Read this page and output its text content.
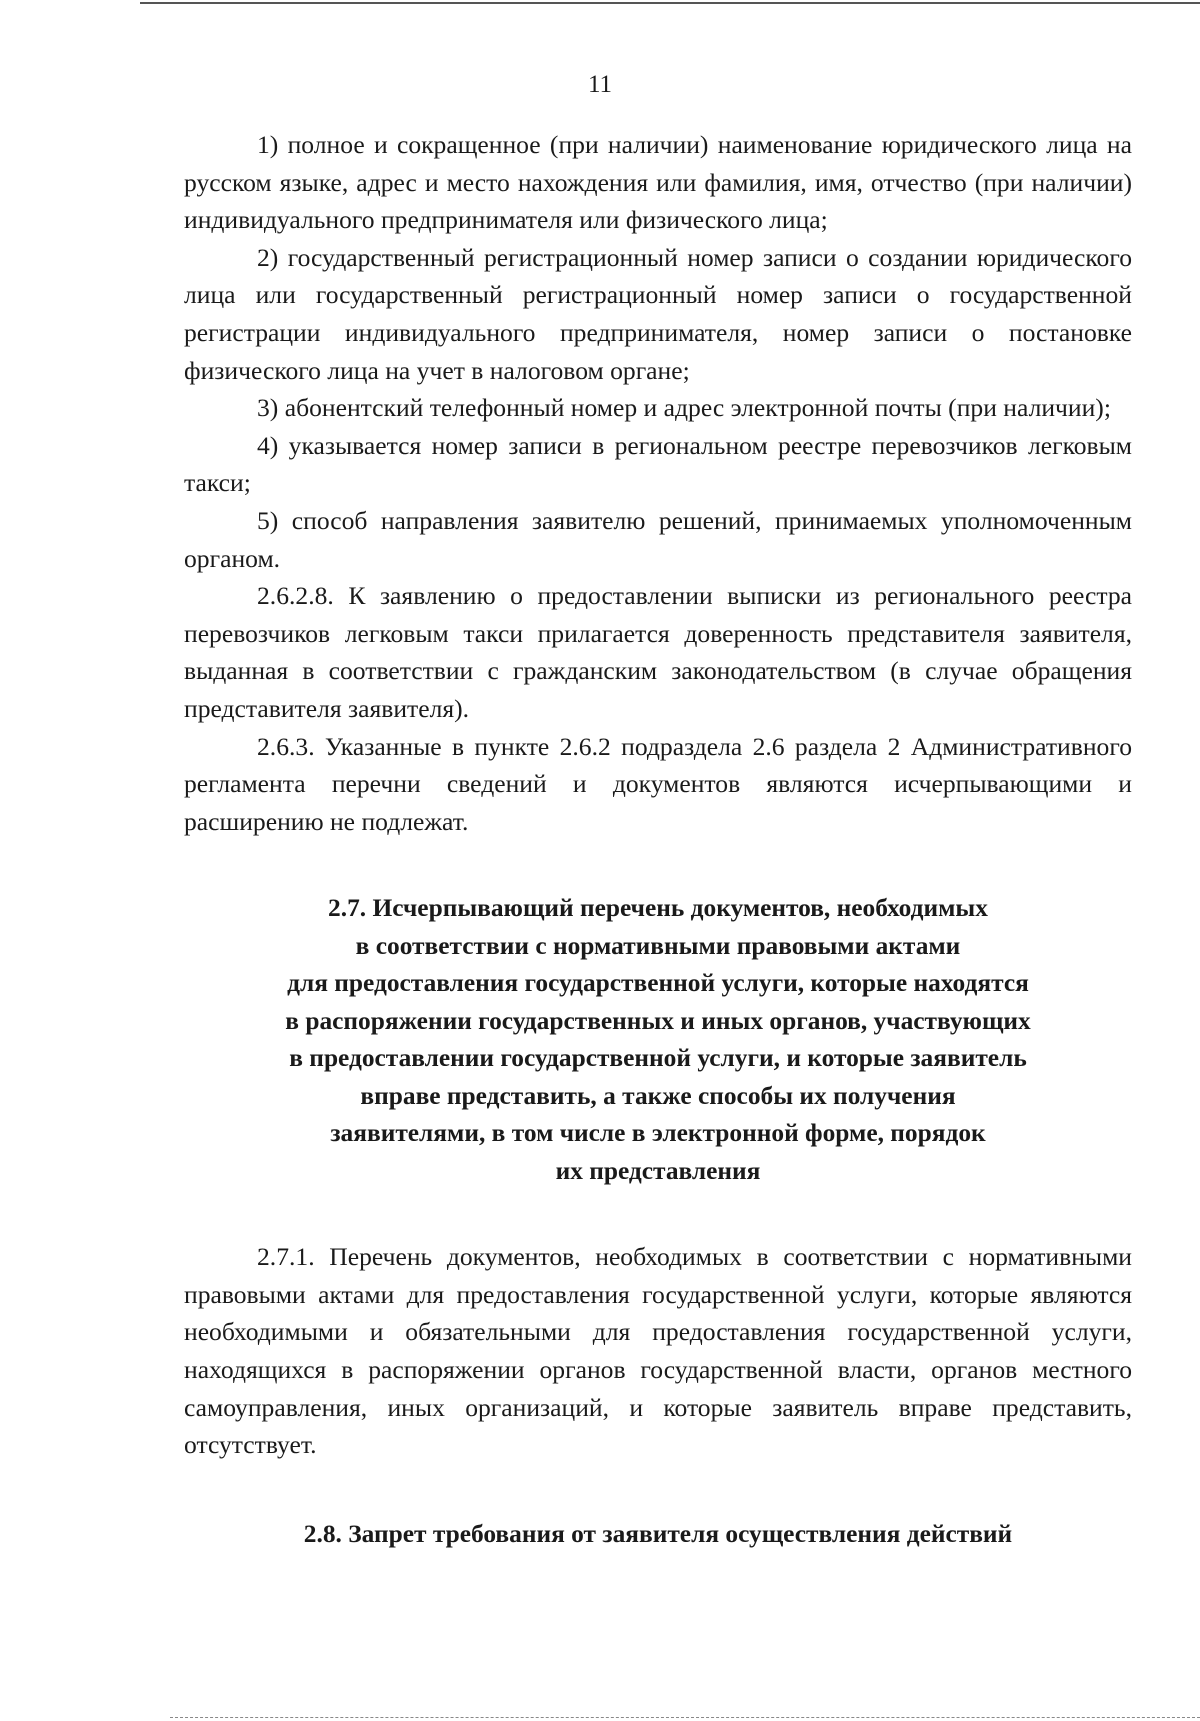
11

1) полное и сокращенное (при наличии) наименование юридического лица на русском языке, адрес и место нахождения или фамилия, имя, отчество (при наличии) индивидуального предпринимателя или физического лица;

2) государственный регистрационный номер записи о создании юридического лица или государственный регистрационный номер записи о государственной регистрации индивидуального предпринимателя, номер записи о постановке физического лица на учет в налоговом органе;

3) абонентский телефонный номер и адрес электронной почты (при наличии);

4) указывается номер записи в региональном реестре перевозчиков легковым такси;

5) способ направления заявителю решений, принимаемых уполномоченным органом.

2.6.2.8. К заявлению о предоставлении выписки из регионального реестра перевозчиков легковым такси прилагается доверенность представителя заявителя, выданная в соответствии с гражданским законодательством (в случае обращения представителя заявителя).

2.6.3. Указанные в пункте 2.6.2 подраздела 2.6 раздела 2 Административного регламента перечни сведений и документов являются исчерпывающими и расширению не подлежат.

2.7. Исчерпывающий перечень документов, необходимых
в соответствии с нормативными правовыми актами
для предоставления государственной услуги, которые находятся
в распоряжении государственных и иных органов, участвующих
в предоставлении государственной услуги, и которые заявитель
вправе представить, а также способы их получения
заявителями, в том числе в электронной форме, порядок
их представления

2.7.1. Перечень документов, необходимых в соответствии с нормативными правовыми актами для предоставления государственной услуги, которые являются необходимыми и обязательными для предоставления государственной услуги, находящихся в распоряжении органов государственной власти, органов местного самоуправления, иных организаций, и которые заявитель вправе представить, отсутствует.

2.8. Запрет требования от заявителя осуществления действий
